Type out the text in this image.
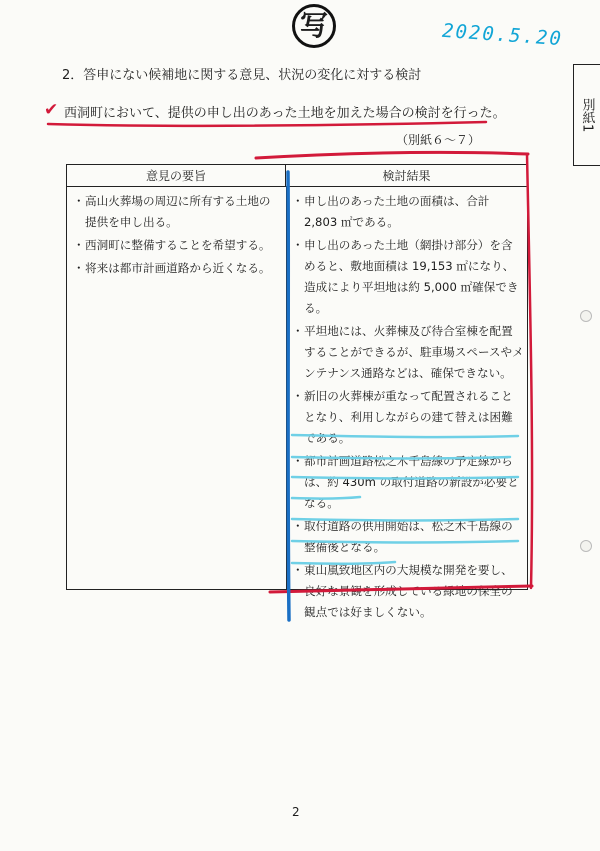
写	2020.5.20
別紙1
2．答申にない候補地に関する意見、状況の変化に対する検討
✔ 西洞町において、提供の申し出のあった土地を加えた場合の検討を行った。
（別紙６～７）
意見の要旨	検討結果
・ 高山火葬場の周辺に所有する土地の提供を申し出る。
・ 西洞町に整備することを希望する。
・ 将来は都市計画道路から近くなる。
・ 申し出のあった土地の面積は、合計 2,803 ㎡である。
・ 申し出のあった土地（網掛け部分）を含めると、敷地面積は 19,153 ㎡になり、造成により平坦地は約 5,000 ㎡確保できる。
・ 平坦地には、火葬棟及び待合室棟を配置することができるが、駐車場スペースやメンテナンス通路などは、確保できない。
・ 新旧の火葬棟が重なって配置されることとなり、利用しながらの建て替えは困難である。
・ 都市計画道路松之木千島線の予定線からは、約 430m の取付道路の新設が必要となる。
・ 取付道路の供用開始は、松之木千島線の整備後となる。
・ 東山風致地区内の大規模な開発を要し、良好な景観を形成している緑地の保全の観点では好ましくない。
2
